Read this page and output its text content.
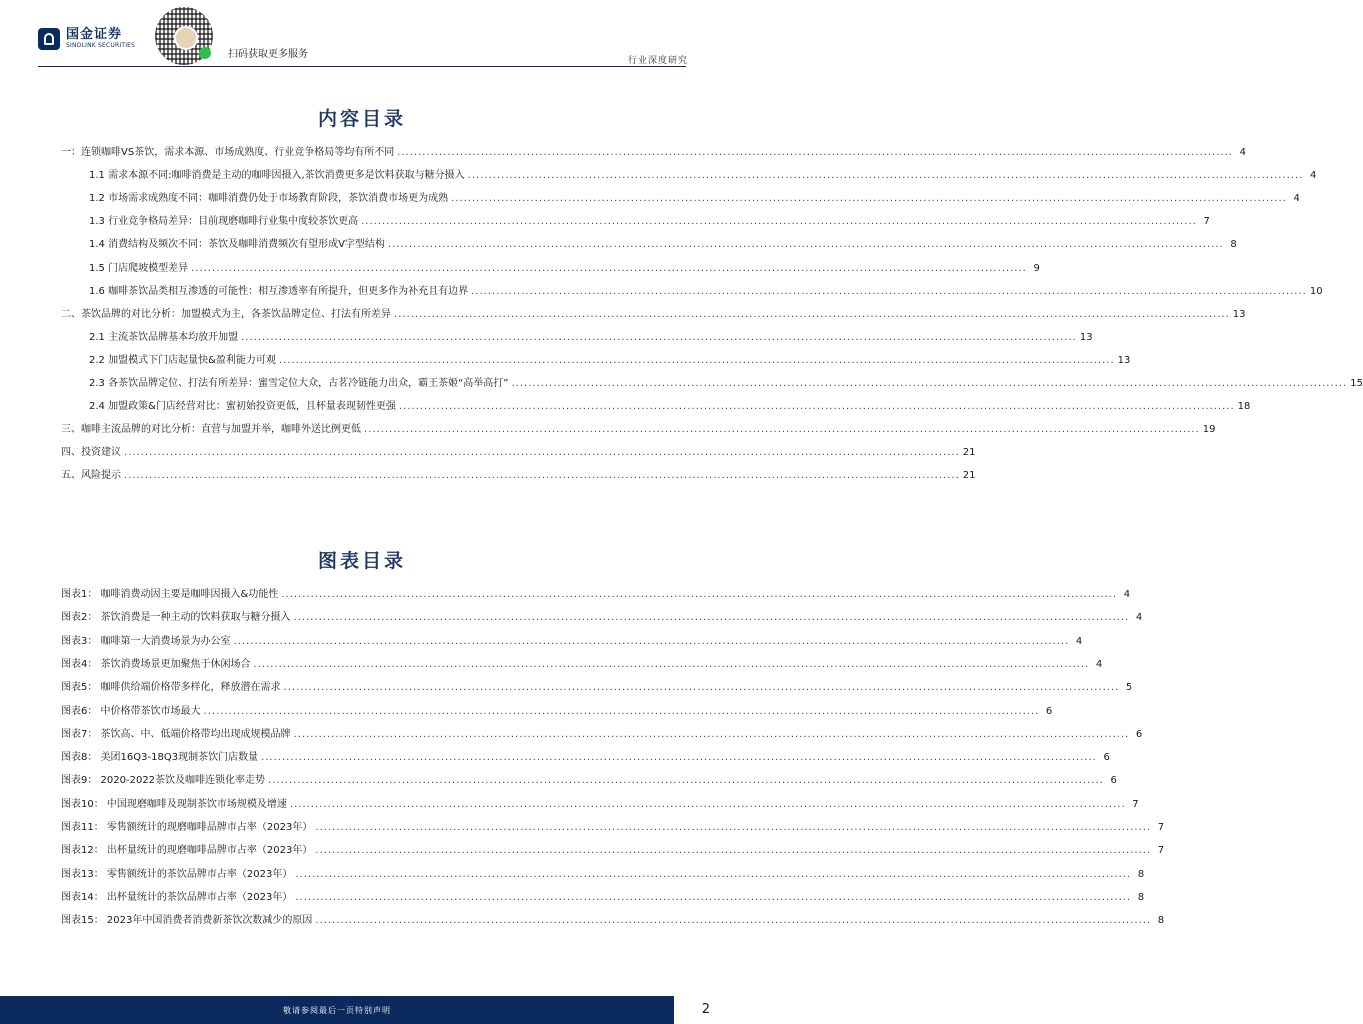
国金证券
SINOLINK SECURITIES
扫码获取更多服务
行业深度研究
内容目录
一：连锁咖啡VS茶饮，需求本源、市场成熟度、行业竞争格局等均有所不同 ........................................................................................................................................................................................................ 4
1.1 需求本源不同:咖啡消费是主动的咖啡因摄入,茶饮消费更多是饮料获取与糖分摄入 ........................................................................................................................................................................................................ 4
1.2 市场需求成熟度不同：咖啡消费仍处于市场教育阶段，茶饮消费市场更为成熟 ........................................................................................................................................................................................................ 4
1.3 行业竞争格局差异：目前现磨咖啡行业集中度较茶饮更高 ........................................................................................................................................................................................................ 7
1.4 消费结构及频次不同：茶饮及咖啡消费频次有望形成V字型结构 ........................................................................................................................................................................................................ 8
1.5 门店爬坡模型差异 ........................................................................................................................................................................................................ 9
1.6 咖啡茶饮品类相互渗透的可能性：相互渗透率有所提升，但更多作为补充且有边界 ........................................................................................................................................................................................................ 10
二、茶饮品牌的对比分析：加盟模式为主，各茶饮品牌定位、打法有所差异 ........................................................................................................................................................................................................ 13
2.1 主流茶饮品牌基本均放开加盟 ........................................................................................................................................................................................................ 13
2.2 加盟模式下门店起量快&盈利能力可观 ........................................................................................................................................................................................................ 13
2.3 各茶饮品牌定位、打法有所差异：蜜雪定位大众，古茗冷链能力出众，霸王茶姬“高举高打” ........................................................................................................................................................................................................ 15
2.4 加盟政策&门店经营对比：蜜初始投资更低，且杯量表现韧性更强 ........................................................................................................................................................................................................ 18
三、咖啡主流品牌的对比分析：直营与加盟并举，咖啡外送比例更低 ........................................................................................................................................................................................................ 19
四、投资建议 ........................................................................................................................................................................................................ 21
五、风险提示 ........................................................................................................................................................................................................ 21
图表目录
图表1： 咖啡消费动因主要是咖啡因摄入&功能性 ........................................................................................................................................................................................................ 4
图表2： 茶饮消费是一种主动的饮料获取与糖分摄入 ........................................................................................................................................................................................................ 4
图表3： 咖啡第一大消费场景为办公室 ........................................................................................................................................................................................................ 4
图表4： 茶饮消费场景更加聚焦于休闲场合 ........................................................................................................................................................................................................ 4
图表5： 咖啡供给端价格带多样化，释放潜在需求 ........................................................................................................................................................................................................ 5
图表6： 中价格带茶饮市场最大 ........................................................................................................................................................................................................ 6
图表7： 茶饮高、中、低端价格带均出现成规模品牌 ........................................................................................................................................................................................................ 6
图表8： 美团16Q3-18Q3现制茶饮门店数量 ........................................................................................................................................................................................................ 6
图表9： 2020-2022茶饮及咖啡连锁化率走势 ........................................................................................................................................................................................................ 6
图表10： 中国现磨咖啡及现制茶饮市场规模及增速 ........................................................................................................................................................................................................ 7
图表11： 零售额统计的现磨咖啡品牌市占率（2023年） ........................................................................................................................................................................................................ 7
图表12： 出杯量统计的现磨咖啡品牌市占率（2023年） ........................................................................................................................................................................................................ 7
图表13： 零售额统计的茶饮品牌市占率（2023年） ........................................................................................................................................................................................................ 8
图表14： 出杯量统计的茶饮品牌市占率（2023年） ........................................................................................................................................................................................................ 8
图表15： 2023年中国消费者消费新茶饮次数减少的原因 ........................................................................................................................................................................................................ 8
敬请参阅最后一页特别声明	2
